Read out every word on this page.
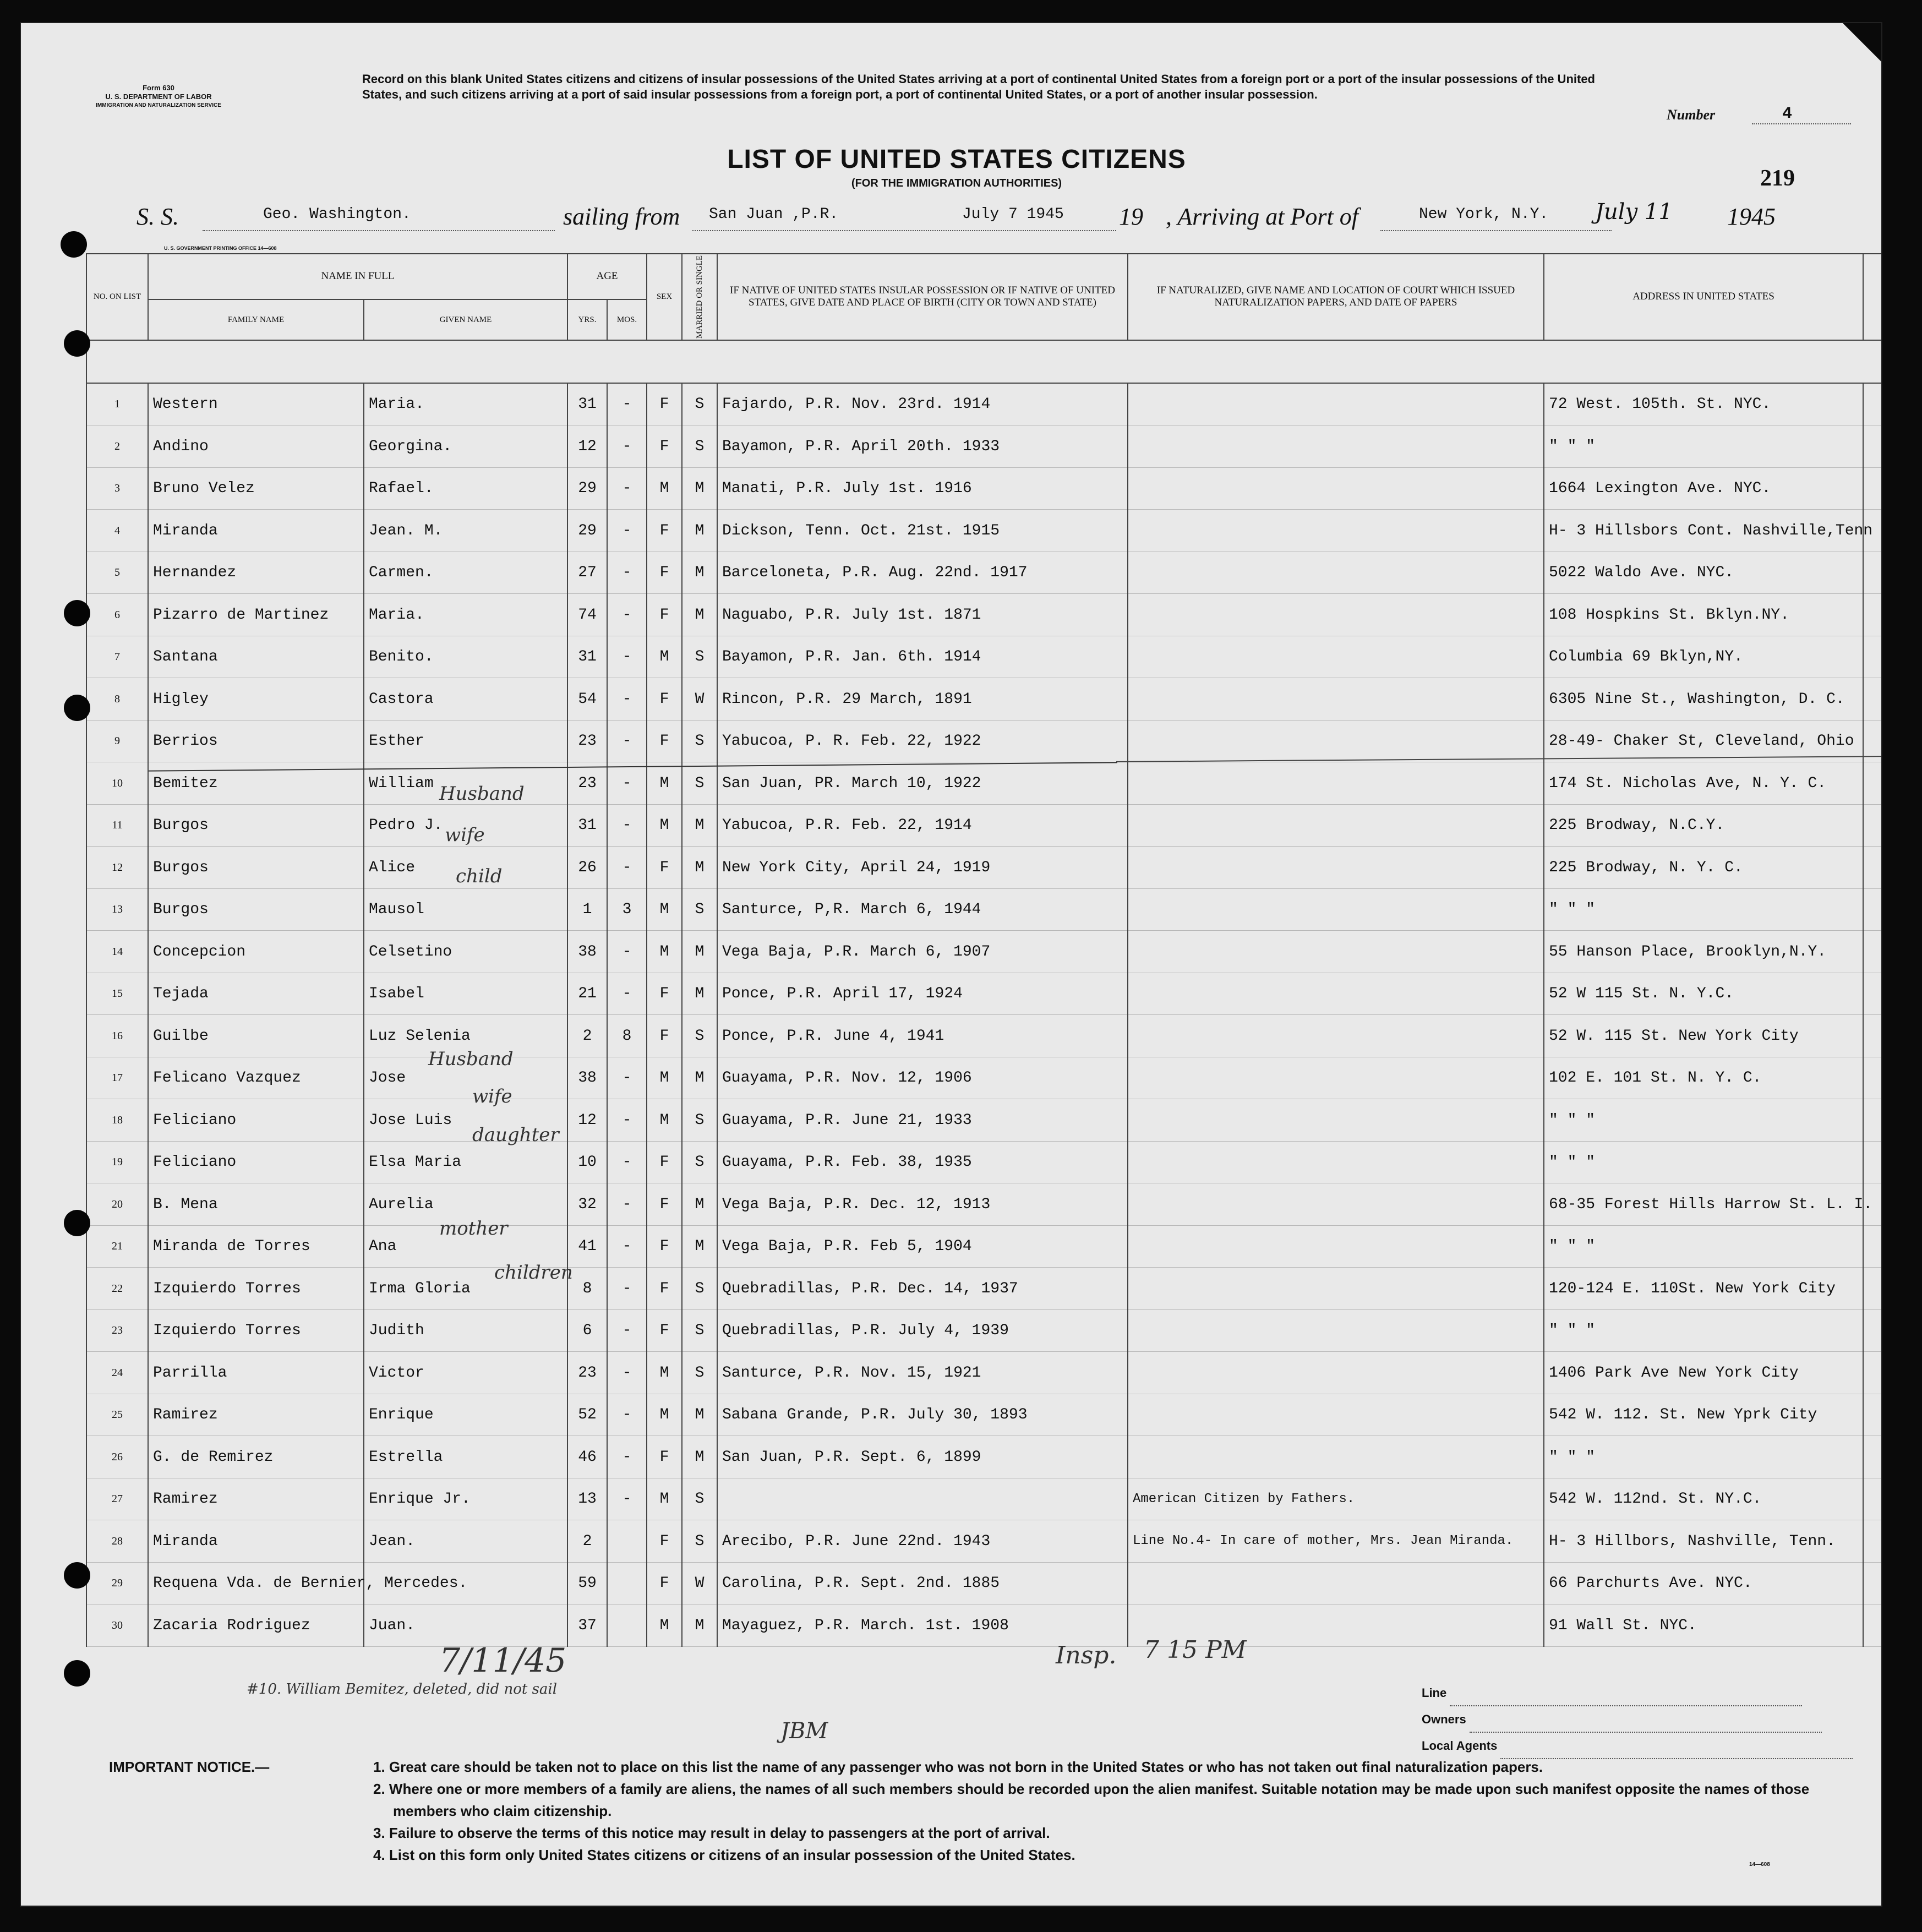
Form 630
U. S. DEPARTMENT OF LABOR
IMMIGRATION AND NATURALIZATION SERVICE
Record on this blank United States citizens and citizens of insular possessions of the United States arriving at a port of continental United States from a foreign port or a port of the insular possessions of the United States, and such citizens arriving at a port of said insular possessions from a foreign port, a port of continental United States, or a port of another insular possession.
Number	4
LIST OF UNITED STATES CITIZENS
(FOR THE IMMIGRATION AUTHORITIES)	219
S. S.	Geo. Washington.	sailing from San Juan ,P.R.	July 7 1945 19 , Arriving at Port of	New York, N.Y. July 11 1945
U. S. GOVERNMENT PRINTING OFFICE 14—608
NO. ON LIST	NAME IN FULL		AGE		SEX	MARRIED OR SINGLE	IF NATIVE OF UNITED STATES INSULAR POSSESSION OR IF NATIVE OF UNITED STATES, GIVE DATE AND PLACE OF BIRTH (CITY OR TOWN AND STATE)	IF NATURALIZED, GIVE NAME AND LOCATION OF COURT WHICH ISSUED NATURALIZATION PAPERS, AND DATE OF PAPERS	ADDRESS IN UNITED STATES	
	FAMILY NAME	GIVEN NAME	YRS.	MOS.						

1	Western	Maria.	31	-	F	S	Fajardo, P.R. Nov. 23rd. 1914		72 West. 105th. St. NYC.	
2	Andino	Georgina.	12	-	F	S	Bayamon, P.R. April 20th. 1933		" " "	
3	Bruno Velez	Rafael.	29	-	M	M	Manati, P.R. July 1st. 1916		1664 Lexington Ave. NYC.	
4	Miranda	Jean. M.	29	-	F	M	Dickson, Tenn. Oct. 21st. 1915		H- 3 Hillsbors Cont. Nashville,Tenn	
5	Hernandez	Carmen.	27	-	F	M	Barceloneta, P.R. Aug. 22nd. 1917		5022 Waldo Ave. NYC.	
6	Pizarro de Martinez	Maria.	74	-	F	M	Naguabo, P.R. July 1st. 1871		108 Hospkins St. Bklyn.NY.	
7	Santana	Benito.	31	-	M	S	Bayamon, P.R. Jan. 6th. 1914		Columbia 69 Bklyn,NY.	
8	Higley	Castora	54	-	F	W	Rincon, P.R. 29 March, 1891		6305 Nine St., Washington, D. C.	
9	Berrios	Esther	23	-	F	S	Yabucoa, P. R. Feb. 22, 1922		28-49- Chaker St, Cleveland, Ohio	
10	Bemitez	William	23	-	M	S	San Juan, PR. March 10, 1922		174 St. Nicholas Ave, N. Y. C.	
11	Burgos	Pedro J.	31	-	M	M	Yabucoa, P.R. Feb. 22, 1914		225 Brodway, N.C.Y.	
12	Burgos	Alice	26	-	F	M	New York City, April 24, 1919		225 Brodway, N. Y. C.	
13	Burgos	Mausol	1	3	M	S	Santurce, P,R. March 6, 1944		" " "	
14	Concepcion	Celsetino	38	-	M	M	Vega Baja, P.R. March 6, 1907		55 Hanson Place, Brooklyn,N.Y.	
15	Tejada	Isabel	21	-	F	M	Ponce, P.R. April 17, 1924		52 W 115 St. N. Y.C.	
16	Guilbe	Luz Selenia	2	8	F	S	Ponce, P.R. June 4, 1941		52 W. 115 St. New York City	
17	Felicano Vazquez	Jose	38	-	M	M	Guayama, P.R. Nov. 12, 1906		102 E. 101 St. N. Y. C.	
18	Feliciano	Jose Luis	12	-	M	S	Guayama, P.R. June 21, 1933		" " "	
19	Feliciano	Elsa Maria	10	-	F	S	Guayama, P.R. Feb. 38, 1935		" " "	
20	B. Mena	Aurelia	32	-	F	M	Vega Baja, P.R. Dec. 12, 1913		68-35 Forest Hills Harrow St. L. I.	
21	Miranda de Torres	Ana	41	-	F	M	Vega Baja, P.R. Feb 5, 1904		" " "	
22	Izquierdo Torres	Irma Gloria	8	-	F	S	Quebradillas, P.R. Dec. 14, 1937		120-124 E. 110St. New York City	
23	Izquierdo Torres	Judith	6	-	F	S	Quebradillas, P.R. July 4, 1939		" " "	
24	Parrilla	Victor	23	-	M	S	Santurce, P.R. Nov. 15, 1921		1406 Park Ave New York City	
25	Ramirez	Enrique	52	-	M	M	Sabana Grande, P.R. July 30, 1893		542 W. 112. St. New Yprk City	
26	G. de Remirez	Estrella	46	-	F	M	San Juan, P.R. Sept. 6, 1899		" " "	
27	Ramirez	Enrique Jr.	13	-	M	S		American Citizen by Fathers.	542 W. 112nd. St. NY.C.	
28	Miranda	Jean.	2		F	S	Arecibo, P.R. June 22nd. 1943	Line No.4- In care of mother, Mrs. Jean Miranda.	H- 3 Hillbors, Nashville, Tenn.	
29	Requena Vda. de Bernier, Mercedes.		59		F	W	Carolina, P.R. Sept. 2nd. 1885		66 Parchurts Ave. NYC.	
30	Zacaria Rodriguez	Juan.	37		M	M	Mayaguez, P.R. March. 1st. 1908		91 Wall St. NYC.	
Husband
wife
child
Husband
wife
daughter
mother
children
7/11/45	Insp. 7 15 PM
#10. William Bemitez, deleted, did not sail
JBM
Line
Owners
Local Agents
IMPORTANT NOTICE.—	1. Great care should be taken not to place on this list the name of any passenger who was not born in the United States or who has not taken out final naturalization papers.
2. Where one or more members of a family are aliens, the names of all such members should be recorded upon the alien manifest. Suitable notation may be made upon such manifest opposite the names of those members who claim citizenship.
3. Failure to observe the terms of this notice may result in delay to passengers at the port of arrival.
4. List on this form only United States citizens or citizens of an insular possession of the United States.
14—608
